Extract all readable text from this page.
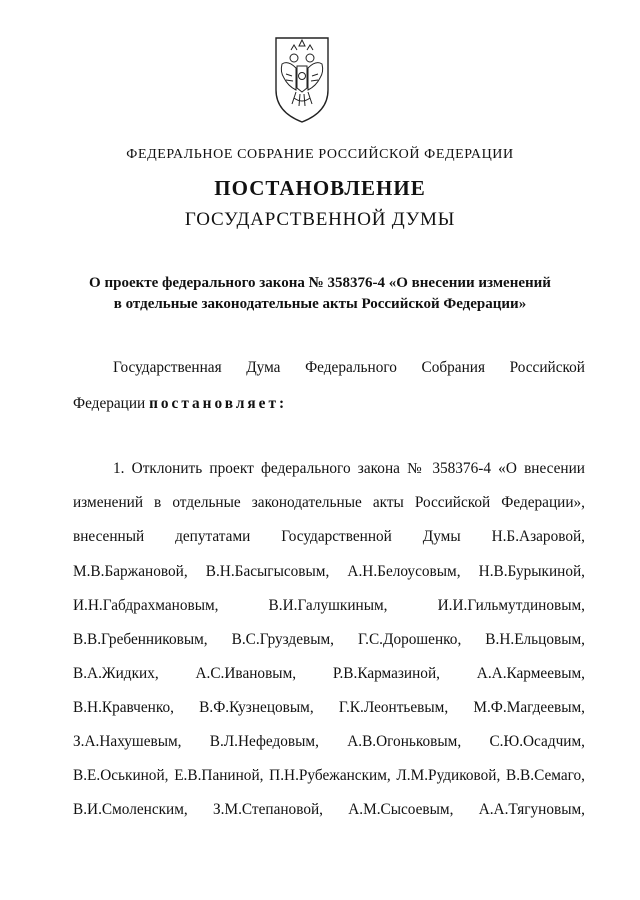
ФЕДЕРАЛЬНОЕ СОБРАНИЕ РОССИЙСКОЙ ФЕДЕРАЦИИ
ПОСТАНОВЛЕНИЕ
ГОСУДАРСТВЕННОЙ ДУМЫ
О проекте федерального закона № 358376-4 «О внесении изменений
в отдельные законодательные акты Российской Федерации»
Государственная Дума Федерального Собрания Российской
Федерации постановляет:
1. Отклонить проект федерального закона № 358376-4 «О внесении
изменений в отдельные законодательные акты Российской Федерации»,
внесенный депутатами Государственной Думы Н.Б.Азаровой,
М.В.Баржановой, В.Н.Басыгысовым, А.Н.Белоусовым, Н.В.Бурыкиной,
И.Н.Габдрахмановым, В.И.Галушкиным, И.И.Гильмутдиновым,
В.В.Гребенниковым, В.С.Груздевым, Г.С.Дорошенко, В.Н.Ельцовым,
В.А.Жидких, А.С.Ивановым, Р.В.Кармазиной, А.А.Кармеевым,
В.Н.Кравченко, В.Ф.Кузнецовым, Г.К.Леонтьевым, М.Ф.Магдеевым,
З.А.Нахушевым, В.Л.Нефедовым, А.В.Огоньковым, С.Ю.Осадчим,
В.Е.Оськиной, Е.В.Паниной, П.Н.Рубежанским, Л.М.Рудиковой, В.В.Семаго,
В.И.Смоленским, З.М.Степановой, А.М.Сысоевым, А.А.Тягуновым,
